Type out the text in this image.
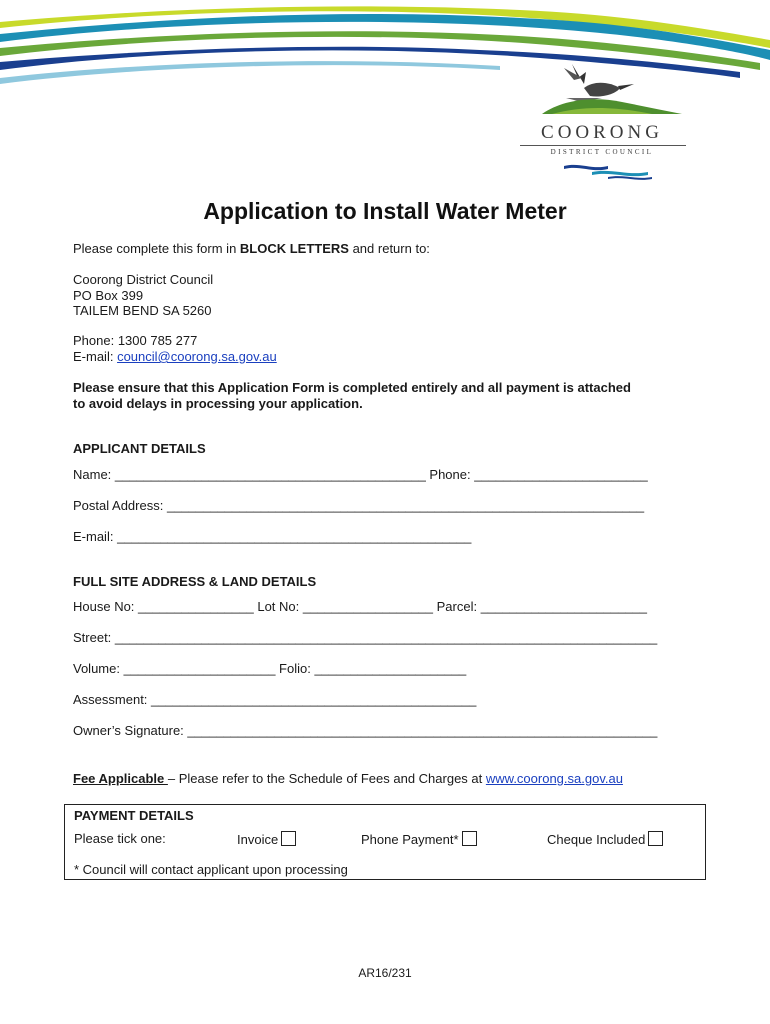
COORONG
DISTRICT COUNCIL
Application to Install Water Meter
Please complete this form in BLOCK LETTERS and return to:
Coorong District Council
PO Box 399
TAILEM BEND SA 5260
Phone: 1300 785 277
E-mail: council@coorong.sa.gov.au
Please ensure that this Application Form is completed entirely and all payment is attached
to avoid delays in processing your application.
APPLICANT DETAILS
Name: ___________________________________________ Phone: ________________________
Postal Address: __________________________________________________________________
E-mail: _________________________________________________
FULL SITE ADDRESS & LAND DETAILS
House No: ________________ Lot No: __________________ Parcel: _______________________
Street: ___________________________________________________________________________
Volume: _____________________ Folio: _____________________
Assessment: _____________________________________________
Owner’s Signature: _________________________________________________________________
Fee Applicable – Please refer to the Schedule of Fees and Charges at www.coorong.sa.gov.au
PAYMENT DETAILS
Please tick one:	Invoice	Phone Payment*	Cheque Included
* Council will contact applicant upon processing
AR16/231
